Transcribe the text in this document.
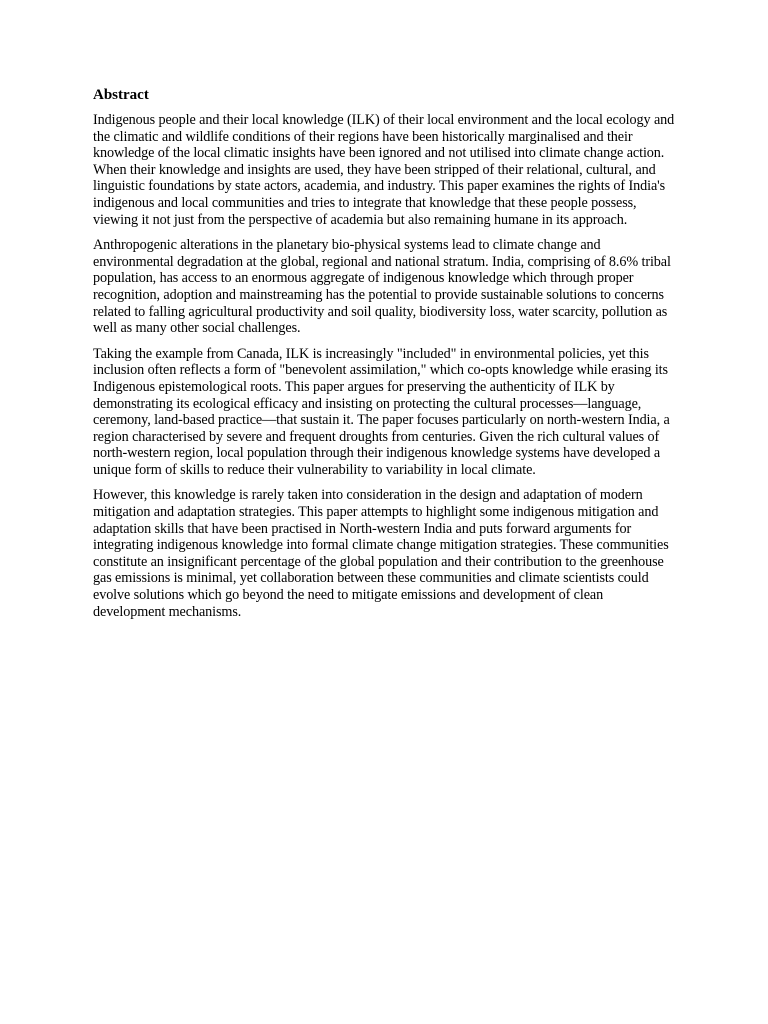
Abstract

Indigenous people and their local knowledge (ILK) of their local environment and the local ecology and the climatic and wildlife conditions of their regions have been historically marginalised and their knowledge of the local climatic insights have been ignored and not utilised into climate change action. When their knowledge and insights are used, they have been stripped of their relational, cultural, and linguistic foundations by state actors, academia, and industry. This paper examines the rights of India's indigenous and local communities and tries to integrate that knowledge that these people possess, viewing it not just from the perspective of academia but also remaining humane in its approach.

Anthropogenic alterations in the planetary bio-physical systems lead to climate change and environmental degradation at the global, regional and national stratum. India, comprising of 8.6% tribal population, has access to an enormous aggregate of indigenous knowledge which through proper recognition, adoption and mainstreaming has the potential to provide sustainable solutions to concerns related to falling agricultural productivity and soil quality, biodiversity loss, water scarcity, pollution as well as many other social challenges.

Taking the example from Canada, ILK is increasingly "included" in environmental policies, yet this inclusion often reflects a form of "benevolent assimilation," which co-opts knowledge while erasing its Indigenous epistemological roots. This paper argues for preserving the authenticity of ILK by demonstrating its ecological efficacy and insisting on protecting the cultural processes—language, ceremony, land-based practice—that sustain it. The paper focuses particularly on north-western India, a region characterised by severe and frequent droughts from centuries. Given the rich cultural values of north-western region, local population through their indigenous knowledge systems have developed a unique form of skills to reduce their vulnerability to variability in local climate.

However, this knowledge is rarely taken into consideration in the design and adaptation of modern mitigation and adaptation strategies. This paper attempts to highlight some indigenous mitigation and adaptation skills that have been practised in North-western India and puts forward arguments for integrating indigenous knowledge into formal climate change mitigation strategies. These communities constitute an insignificant percentage of the global population and their contribution to the greenhouse gas emissions is minimal, yet collaboration between these communities and climate scientists could evolve solutions which go beyond the need to mitigate emissions and development of clean development mechanisms.
